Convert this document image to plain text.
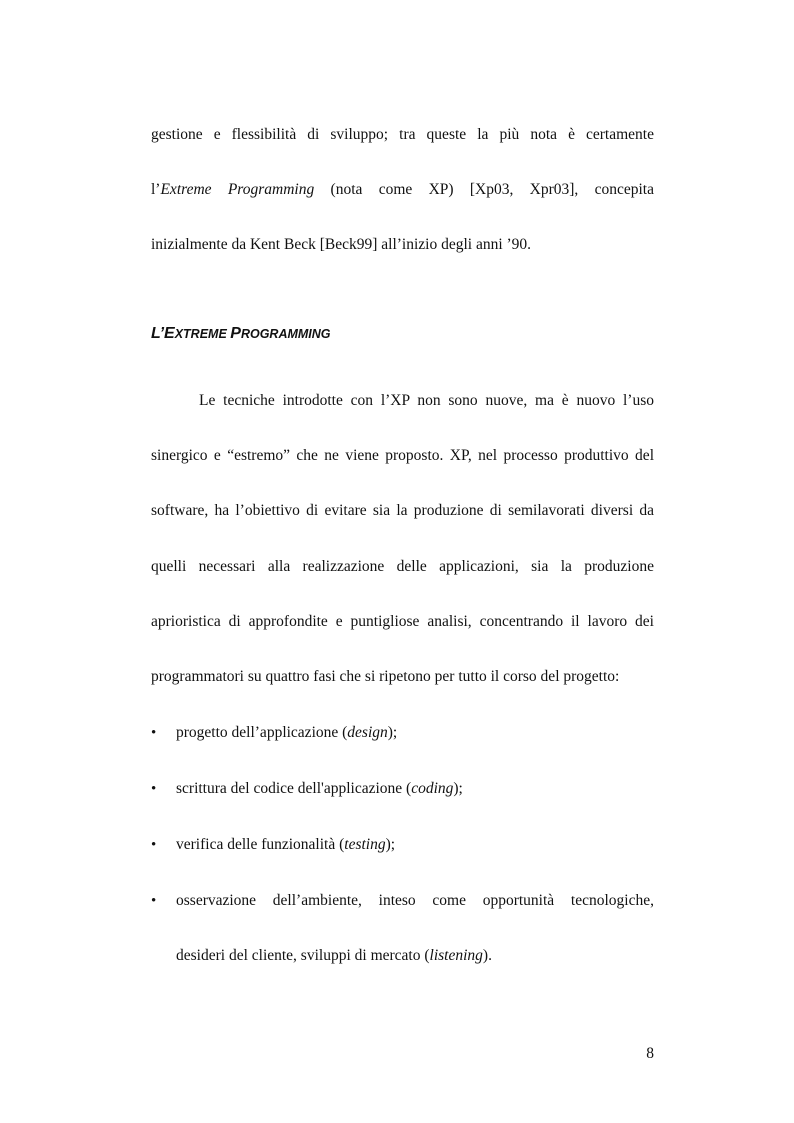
gestione e flessibilità di sviluppo; tra queste la più nota è certamente
l’Extreme Programming (nota come XP) [Xp03, Xpr03], concepita
inizialmente da Kent Beck [Beck99] all’inizio degli anni ’90.
L’EXTREME PROGRAMMING
Le tecniche introdotte con l’XP non sono nuove, ma è nuovo l’uso
sinergico e “estremo” che ne viene proposto. XP, nel processo produttivo del
software, ha l’obiettivo di evitare sia la produzione di semilavorati diversi da
quelli necessari alla realizzazione delle applicazioni, sia la produzione
aprioristica di approfondite e puntigliose analisi, concentrando il lavoro dei
programmatori su quattro fasi che si ripetono per tutto il corso del progetto:
• progetto dell’applicazione (design);
• scrittura del codice dell'applicazione (coding);
• verifica delle funzionalità (testing);
• osservazione dell’ambiente, inteso come opportunità tecnologiche,
desideri del cliente, sviluppi di mercato (listening).
8
